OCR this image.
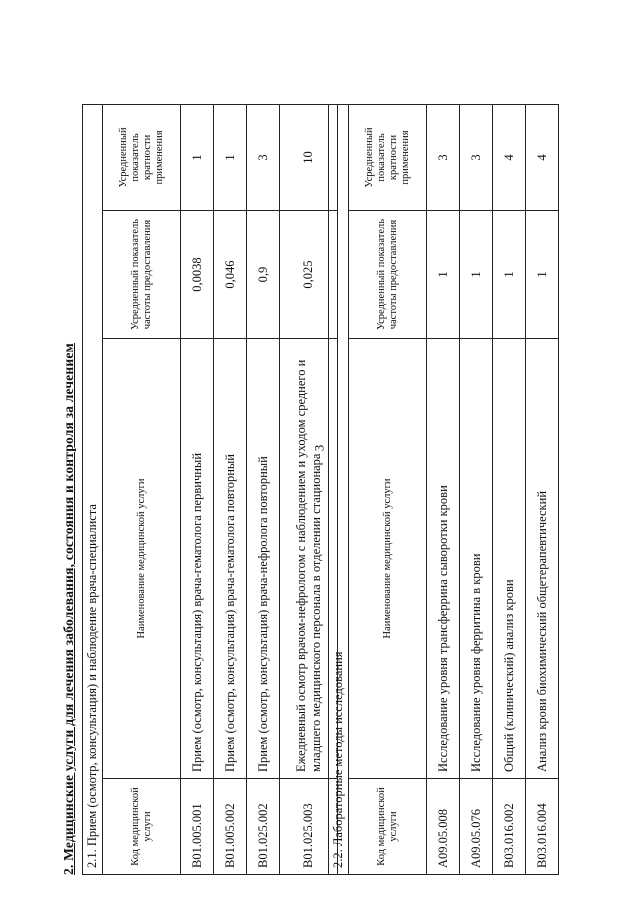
3
2. Медицинские услуги для лечения заболевания, состояния и контроля за лечением 2.1. Прием (осмотр, консультация) и наблюдение врача-специалиста			
Код медицинской услуги	Наименование медицинской услуги	Усредненный показатель частоты предоставления	Усредненный показатель кратности применения
B01.005.001	Прием (осмотр, консультация) врача-гематолога первичный	0,0038	1
B01.005.002	Прием (осмотр, консультация) врача-гематолога повторный	0,046	1
B01.025.002	Прием (осмотр, консультация) врача-нефролога повторный	0,9	3
B01.025.003	Ежедневный осмотр врачом-нефрологом с наблюдением и уходом среднего и младшего медицинского персонала в отделении стационара	0,025	10
2.2. Лабораторные методы исследования			
Код медицинской услуги	Наименование медицинской услуги	Усредненный показатель частоты предоставления	Усредненный показатель кратности применения
A09.05.008	Исследование уровня трансферрина сыворотки крови	1	3
A09.05.076	Исследование уровня ферритина в крови	1	3
B03.016.002	Общий (клинический) анализ крови	1	4
B03.016.004	Анализ крови биохимический общетерапевтический	1	4
